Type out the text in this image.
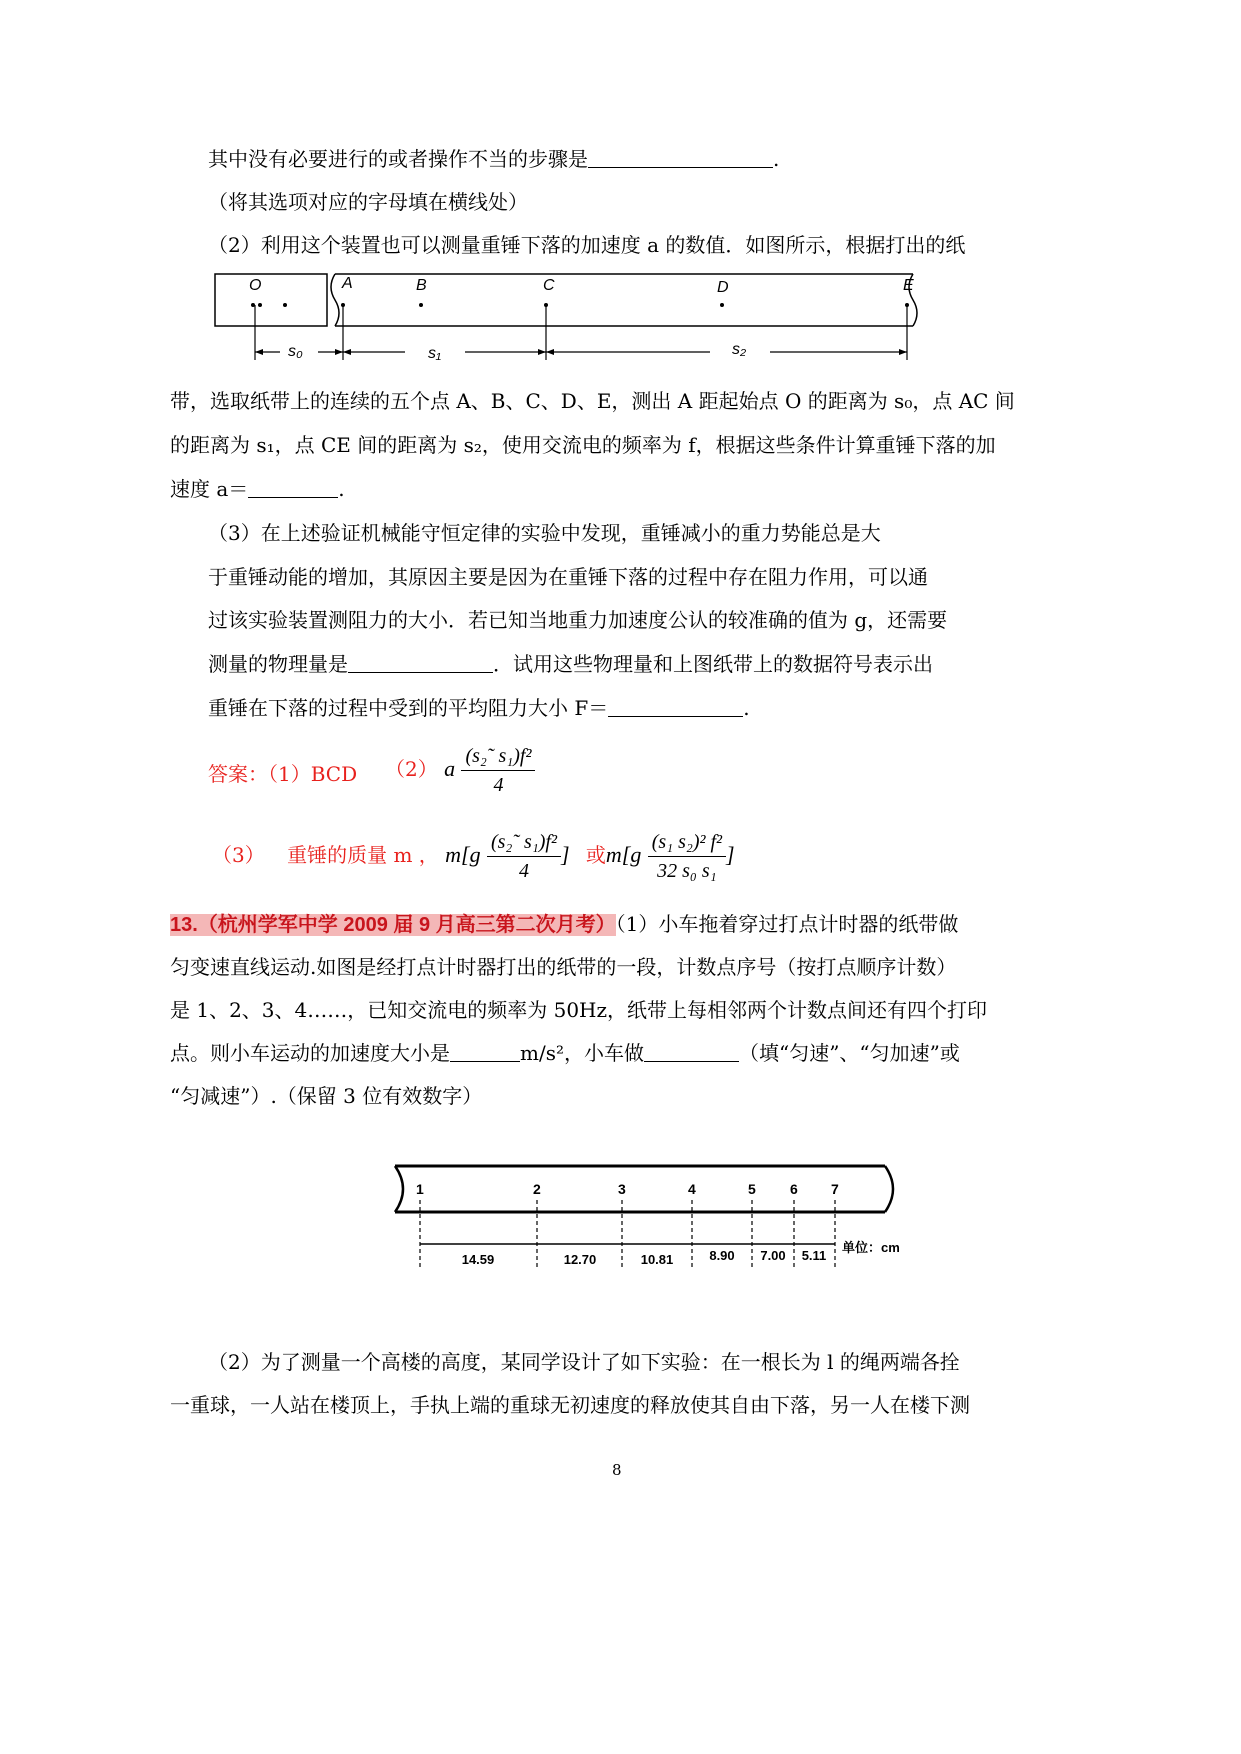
其中没有必要进行的或者操作不当的步骤是	.
（将其选项对应的字母填在横线处）
（2）利用这个装置也可以测量重锤下落的加速度 a 的数值．如图所示，根据打出的纸
O	A	B	C	D	E
s₀	s₁	s₂
带，选取纸带上的连续的五个点 A、B、C、D、E，测出 A 距起始点 O 的距离为 s₀，点 AC 间
的距离为 s₁，点 CE 间的距离为 s₂，使用交流电的频率为 f，根据这些条件计算重锤下落的加
速度 a＝	.
（3）在上述验证机械能守恒定律的实验中发现，重锤减小的重力势能总是大
于重锤动能的增加，其原因主要是因为在重锤下落的过程中存在阻力作用，可以通
过该实验装置测阻力的大小．若已知当地重力加速度公认的较准确的值为 g，还需要
测量的物理量是	．试用这些物理量和上图纸带上的数据符号表示出
重锤在下落的过程中受到的平均阻力大小 F＝	.
答案：（1）BCD （2） a $\frac{\text{(s₂˜ s₁)f²}}{4}$
（3） 重锤的质量 m ， $m[g \frac{\text{(s₂˜ s₁)f²}}{4}$ ] 或$m[g \frac{\text{(s₁ s₂)² f²}}{\text{32 s₀ s₁}}$ ]
13.（杭州学军中学 2009 届 9 月高三第二次月考）（1）小车拖着穿过打点计时器的纸带做
匀变速直线运动.如图是经打点计时器打出的纸带的一段，计数点序号（按打点顺序计数）
是 1、2、3、4……，已知交流电的频率为 50Hz，纸带上每相邻两个计数点间还有四个打印
点。则小车运动的加速度大小是	m/s²，小车做	（填“匀速”、“匀加速”或
“匀减速”）.（保留 3 位有效数字）
1	2	3	4	5 6 7
14.59	12.70	10.81	8.90 7.00 5.11
单位：cm
（2）为了测量一个高楼的高度，某同学设计了如下实验：在一根长为 l 的绳两端各拴
一重球，一人站在楼顶上，手执上端的重球无初速度的释放使其自由下落，另一人在楼下测
8
